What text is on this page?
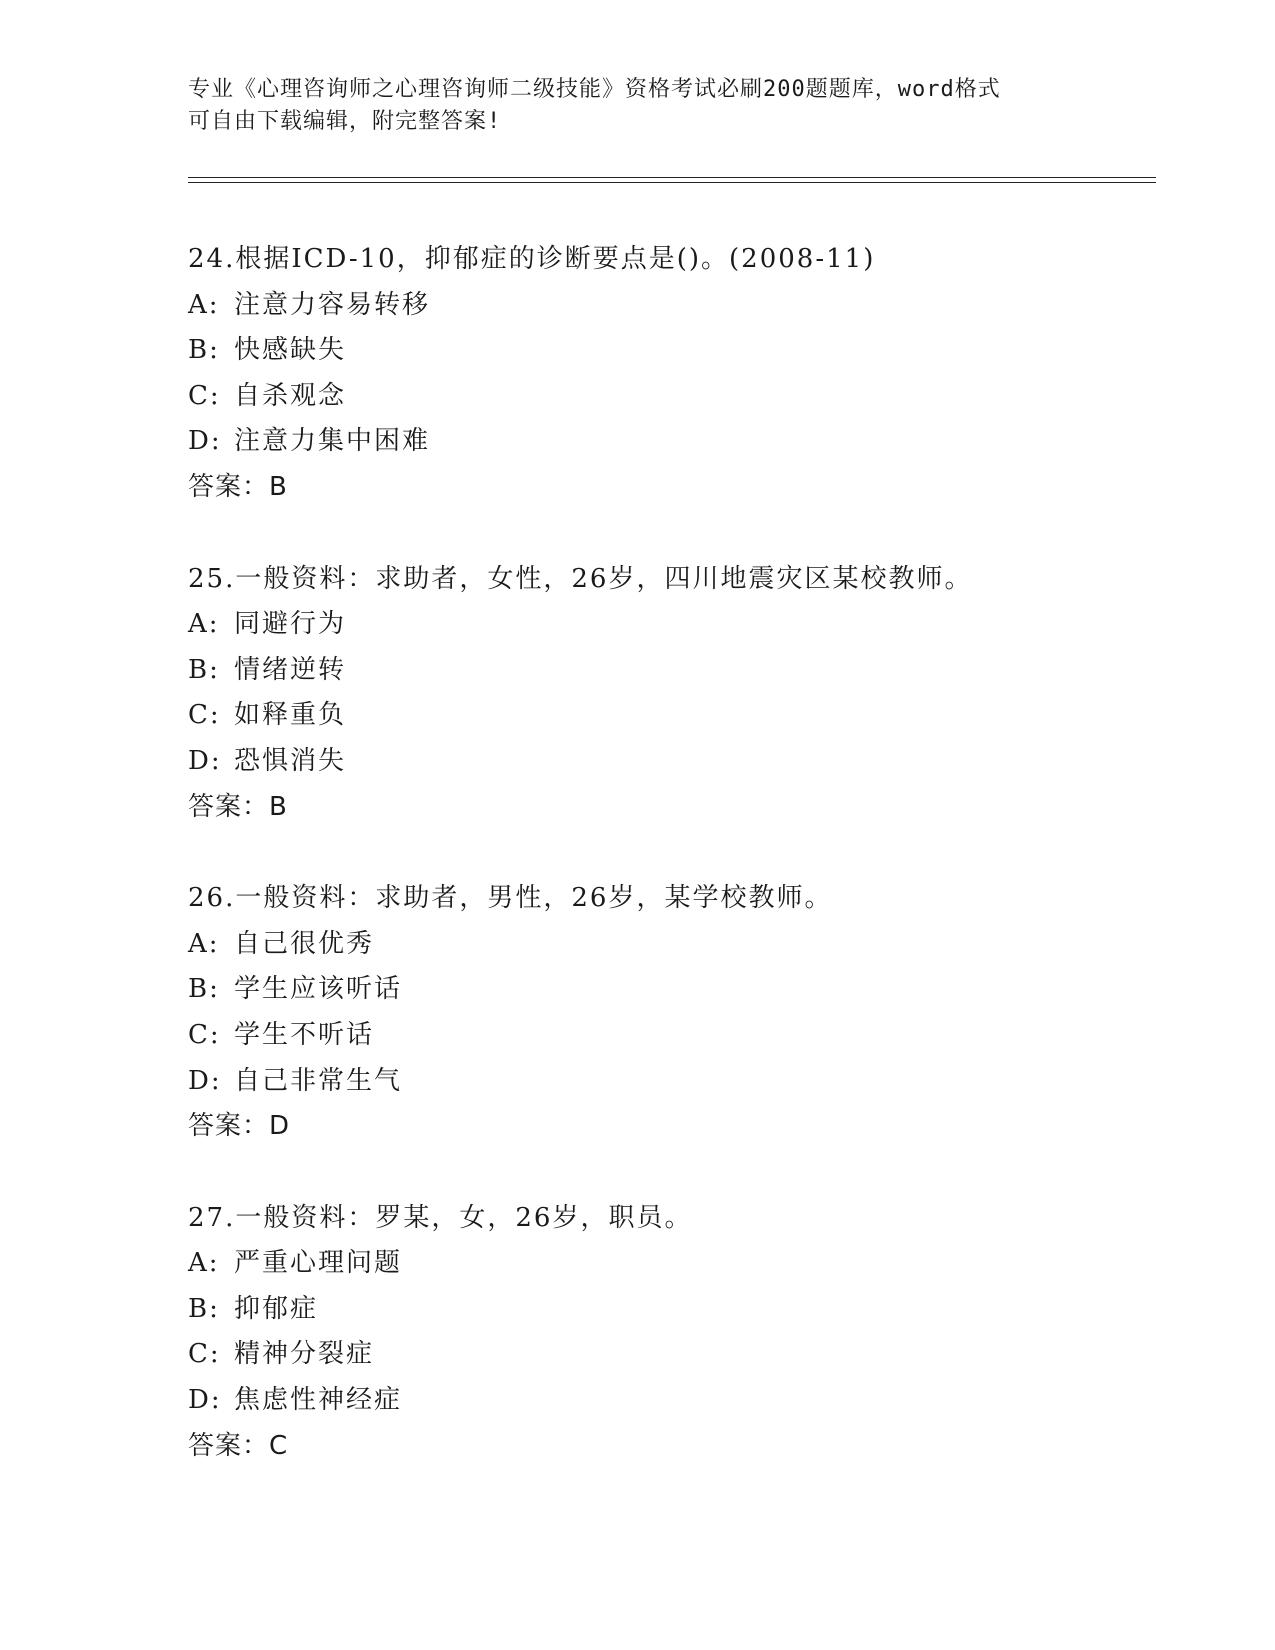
专业《心理咨询师之心理咨询师二级技能》资格考试必刷200题题库，word格式
可自由下载编辑，附完整答案!
24.根据ICD-10，抑郁症的诊断要点是()。(2008-11)
A: 注意力容易转移
B: 快感缺失
C: 自杀观念
D: 注意力集中困难
答案：B
25.一般资料：求助者，女性，26岁，四川地震灾区某校教师。
A: 同避行为
B: 情绪逆转
C: 如释重负
D: 恐惧消失
答案：B
26.一般资料：求助者，男性，26岁，某学校教师。
A: 自己很优秀
B: 学生应该听话
C: 学生不听话
D: 自己非常生气
答案：D
27.一般资料：罗某，女，26岁，职员。
A: 严重心理问题
B: 抑郁症
C: 精神分裂症
D: 焦虑性神经症
答案：C
